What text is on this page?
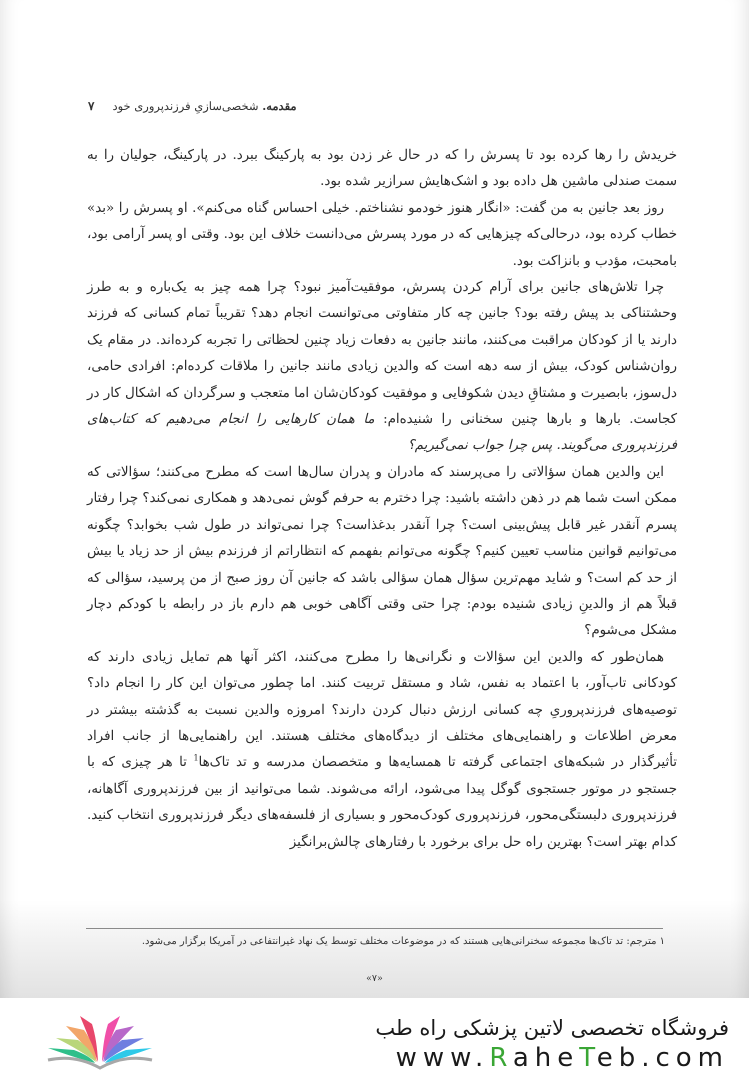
۷	مقدمه. شخصی‌سازیِ فرزندپروری خود

خریدش را رها کرده بود تا پسرش را که در حال غر زدن بود به پارکینگ ببرد. در پارکینگ، جولیان را به سمت صندلی ماشین هل داده بود و اشک‌هایش سرازیر شده بود.

روز بعد جانین به من گفت: «انگار هنوز خودمو نشناختم. خیلی احساس گناه می‌کنم». او پسرش را «بد» خطاب کرده بود، درحالی‌که چیزهایی که در مورد پسرش می‌دانست خلاف این بود. وقتی او پسر آرامی بود، بامحبت، مؤدب و بانزاکت بود.

چرا تلاش‌های جانین برای آرام کردن پسرش، موفقیت‌آمیز نبود؟ چرا همه چیز به یک‌باره و به طرز وحشتناکی بد پیش رفته بود؟ جانین چه کار متفاوتی می‌توانست انجام دهد؟ تقریباً تمام کسانی که فرزند دارند یا از کودکان مراقبت می‌کنند، مانند جانین به دفعات زیاد چنین لحظاتی را تجربه کرده‌اند. در مقام یک روان‌شناس کودک، بیش از سه دهه است که والدین زیادی مانند جانین را ملاقات کرده‌ام: افرادی حامی، دل‌سوز، بابصیرت و مشتاقِ دیدن شکوفایی و موفقیت کودکان‌شان اما متعجب و سرگردان که اشکال کار در کجاست. بارها و بارها چنین سخنانی را شنیده‌ام: ما همان کارهایی را انجام می‌دهیم که کتاب‌های فرزندپروری می‌گویند. پس چرا جواب نمی‌گیریم؟

این والدین همان سؤالاتی را می‌پرسند که مادران و پدران سال‌ها است که مطرح می‌کنند؛ سؤالاتی که ممکن است شما هم در ذهن داشته باشید: چرا دخترم به حرفم گوش نمی‌دهد و همکاری نمی‌کند؟ چرا رفتار پسرم آنقدر غیر قابل پیش‌بینی است؟ چرا آنقدر بدغذاست؟ چرا نمی‌تواند در طول شب بخوابد؟ چگونه می‌توانیم قوانین مناسب تعیین کنیم؟ چگونه می‌توانم بفهمم که انتظاراتم از فرزندم بیش از حد زیاد یا بیش از حد کم است؟ و شاید مهم‌ترین سؤال همان سؤالی باشد که جانین آن روز صبح از من پرسید، سؤالی که قبلاً هم از والدینِ زیادی شنیده بودم: چرا حتی وقتی آگاهی خوبی هم دارم باز در رابطه با کودکم دچار مشکل می‌شوم؟

همان‌طور که والدین این سؤالات و نگرانی‌ها را مطرح می‌کنند، اکثر آنها هم تمایل زیادی دارند که کودکانی تاب‌آور، با اعتماد به نفس، شاد و مستقل تربیت کنند. اما چطور می‌توان این کار را انجام داد؟ توصیه‌های فرزندپروریِ چه کسانی ارزش دنبال کردن دارند؟ امروزه والدین نسبت به گذشته بیشتر در معرض اطلاعات و راهنمایی‌های مختلف از دیدگاه‌های مختلف هستند. این راهنمایی‌ها از جانب افراد تأثیرگذار در شبکه‌های اجتماعی گرفته تا همسایه‌ها و متخصصان مدرسه و تد تاک‌ها$^1$ تا هر چیزی که با جستجو در موتور جستجوی گوگل پیدا می‌شود، ارائه می‌شوند. شما می‌توانید از بین فرزندپروری آگاهانه، فرزندپروری دلبستگی‌محور، فرزندپروری کودک‌محور و بسیاری از فلسفه‌های دیگر فرزندپروری انتخاب کنید. کدام بهتر است؟ بهترین راه حل برای برخورد با رفتارهای چالش‌برانگیز

۱ مترجم: تد تاک‌ها مجموعه سخنرانی‌هایی هستند که در موضوعات مختلف توسط یک نهاد غیرانتفاعی در آمریکا برگزار می‌شود.
«۷»
فروشگاه تخصصی لاتین پزشکی راه طب
www.RaheTeb.com
